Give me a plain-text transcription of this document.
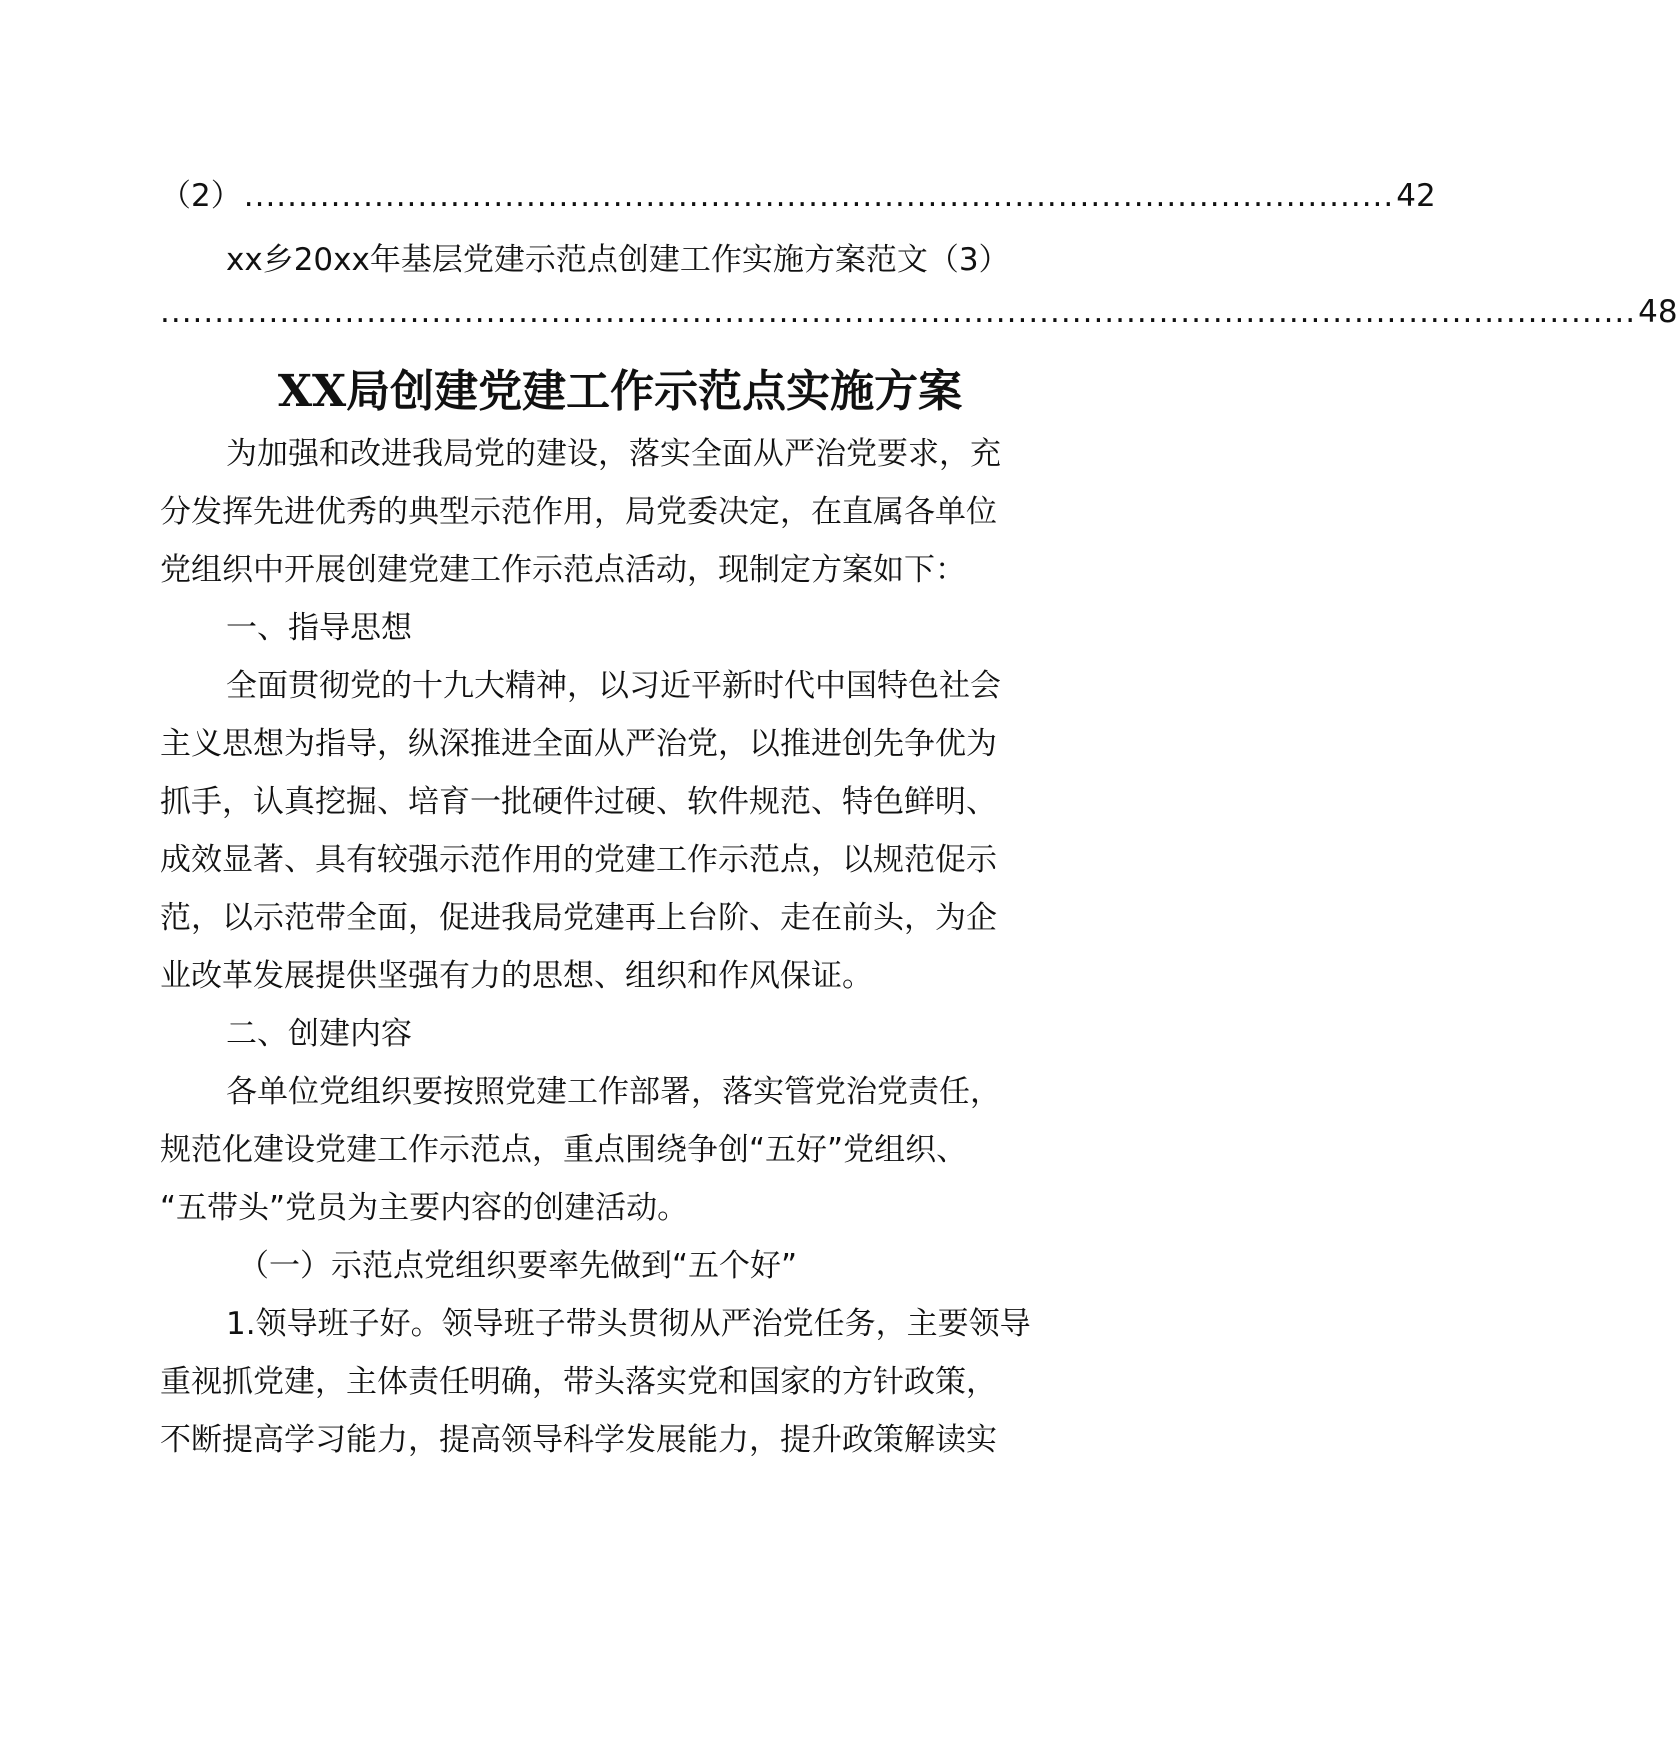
（2） .......................................................................................................... 42
xx乡20xx年基层党建示范点创建工作实施方案范文（3）
........................................................................................................................................ 48
XX局创建党建工作示范点实施方案
为加强和改进我局党的建设，落实全面从严治党要求，充
分发挥先进优秀的典型示范作用，局党委决定，在直属各单位
党组织中开展创建党建工作示范点活动，现制定方案如下：
一、指导思想
全面贯彻党的十九大精神，以习近平新时代中国特色社会
主义思想为指导，纵深推进全面从严治党，以推进创先争优为
抓手，认真挖掘、培育一批硬件过硬、软件规范、特色鲜明、
成效显著、具有较强示范作用的党建工作示范点，以规范促示
范，以示范带全面，促进我局党建再上台阶、走在前头，为企
业改革发展提供坚强有力的思想、组织和作风保证。
二、创建内容
各单位党组织要按照党建工作部署，落实管党治党责任，
规范化建设党建工作示范点，重点围绕争创“五好”党组织、
“五带头”党员为主要内容的创建活动。
（一）示范点党组织要率先做到“五个好”
1.领导班子好。领导班子带头贯彻从严治党任务，主要领导
重视抓党建，主体责任明确，带头落实党和国家的方针政策，
不断提高学习能力，提高领导科学发展能力，提升政策解读实
